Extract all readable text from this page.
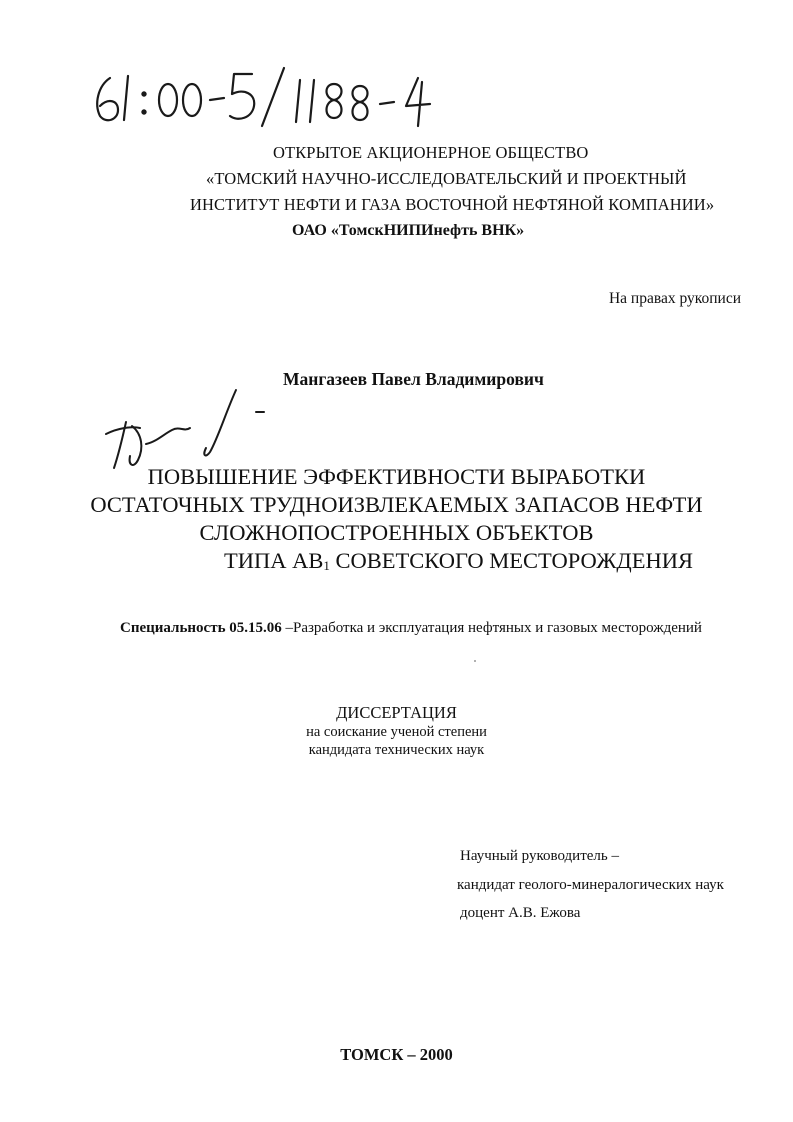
ОТКРЫТОЕ АКЦИОНЕРНОЕ ОБЩЕСТВО
«ТОМСКИЙ НАУЧНО-ИССЛЕДОВАТЕЛЬСКИЙ И ПРОЕКТНЫЙ
ИНСТИТУТ НЕФТИ И ГАЗА ВОСТОЧНОЙ НЕФТЯНОЙ КОМПАНИИ»
ОАО «ТомскНИПИнефть ВНК»
На правах рукописи
Мангазеев Павел Владимирович
ПОВЫШЕНИЕ ЭФФЕКТИВНОСТИ ВЫРАБОТКИ
ОСТАТОЧНЫХ ТРУДНОИЗВЛЕКАЕМЫХ ЗАПАСОВ НЕФТИ
СЛОЖНОПОСТРОЕННЫХ ОБЪЕКТОВ
ТИПА $АВ_1$ СОВЕТСКОГО МЕСТОРОЖДЕНИЯ
Специальность 05.15.06 –Разработка и эксплуатация нефтяных и газовых месторождений
ДИССЕРТАЦИЯ
на соискание ученой степени
кандидата технических наук
Научный руководитель –
кандидат геолого-минералогических наук
доцент А.В. Ежова
ТОМСК – 2000
